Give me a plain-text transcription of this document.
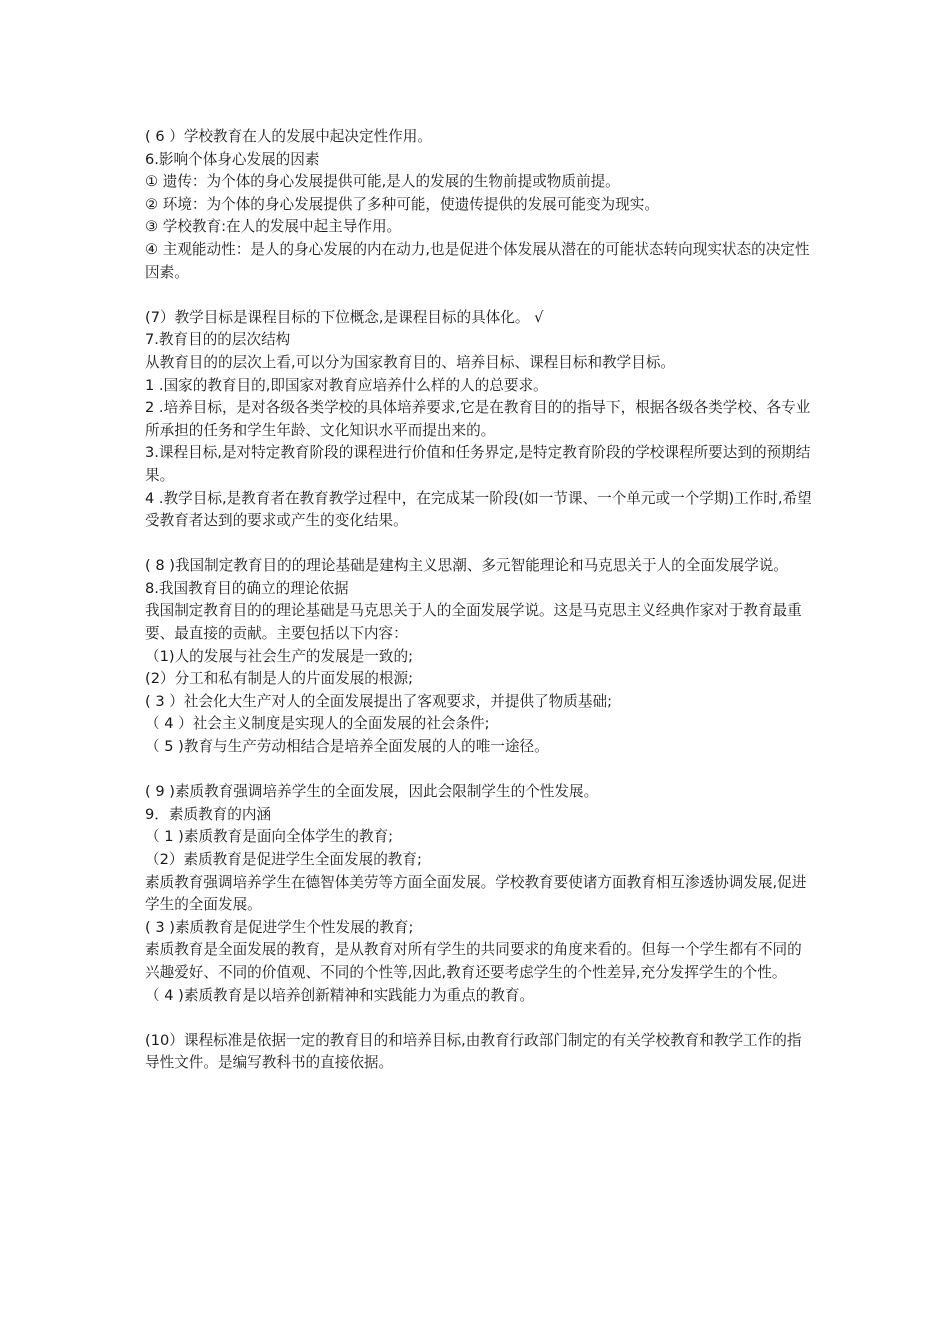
( 6 ）学校教育在人的发展中起决定性作用。
6.影响个体身心发展的因素
① 遗传：为个体的身心发展提供可能,是人的发展的生物前提或物质前提。
② 环境：为个体的身心发展提供了多种可能，使遗传提供的发展可能变为现实。
③ 学校教育:在人的发展中起主导作用。
④ 主观能动性：是人的身心发展的内在动力,也是促进个体发展从潜在的可能状态转向现实状态的决定性因素。
(7）教学目标是课程目标的下位概念,是课程目标的具体化。 √
7.教育目的的层次结构
从教育目的的层次上看,可以分为国家教育目的、培养目标、课程目标和教学目标。
1 .国家的教育目的,即国家对教育应培养什么样的人的总要求。
2 .培养目标，是对各级各类学校的具体培养要求,它是在教育目的的指导下，根据各级各类学校、各专业所承担的任务和学生年龄、文化知识水平而提出来的。
3.课程目标,是对特定教育阶段的课程进行价值和任务界定,是特定教育阶段的学校课程所要达到的预期结果。
4 .教学目标,是教育者在教育教学过程中，在完成某一阶段(如一节课、一个单元或一个学期)工作时,希望受教育者达到的要求或产生的变化结果。
( 8 )我国制定教育目的的理论基础是建构主义思潮、多元智能理论和马克思关于人的全面发展学说。
8.我国教育目的确立的理论依据
我国制定教育目的的理论基础是马克思关于人的全面发展学说。这是马克思主义经典作家对于教育最重要、最直接的贡献。主要包括以下内容：
（1)人的发展与社会生产的发展是一致的;
(2）分工和私有制是人的片面发展的根源;
( 3 ）社会化大生产对人的全面发展提出了客观要求，并提供了物质基础;
（ 4 ）社会主义制度是实现人的全面发展的社会条件;
（ 5 )教育与生产劳动相结合是培养全面发展的人的唯一途径。
( 9 )素质教育强调培养学生的全面发展，因此会限制学生的个性发展。
9．素质教育的内涵
（ 1 )素质教育是面向全体学生的教育;
（2）素质教育是促进学生全面发展的教育;
素质教育强调培养学生在德智体美劳等方面全面发展。学校教育要使诸方面教育相互渗透协调发展,促进学生的全面发展。
( 3 )素质教育是促进学生个性发展的教育;
素质教育是全面发展的教育，是从教育对所有学生的共同要求的角度来看的。但每一个学生都有不同的兴趣爱好、不同的价值观、不同的个性等,因此,教育还要考虑学生的个性差异,充分发挥学生的个性。
（ 4 )素质教育是以培养创新精神和实践能力为重点的教育。
(10）课程标准是依据一定的教育目的和培养目标,由教育行政部门制定的有关学校教育和教学工作的指导性文件。是编写教科书的直接依据。
